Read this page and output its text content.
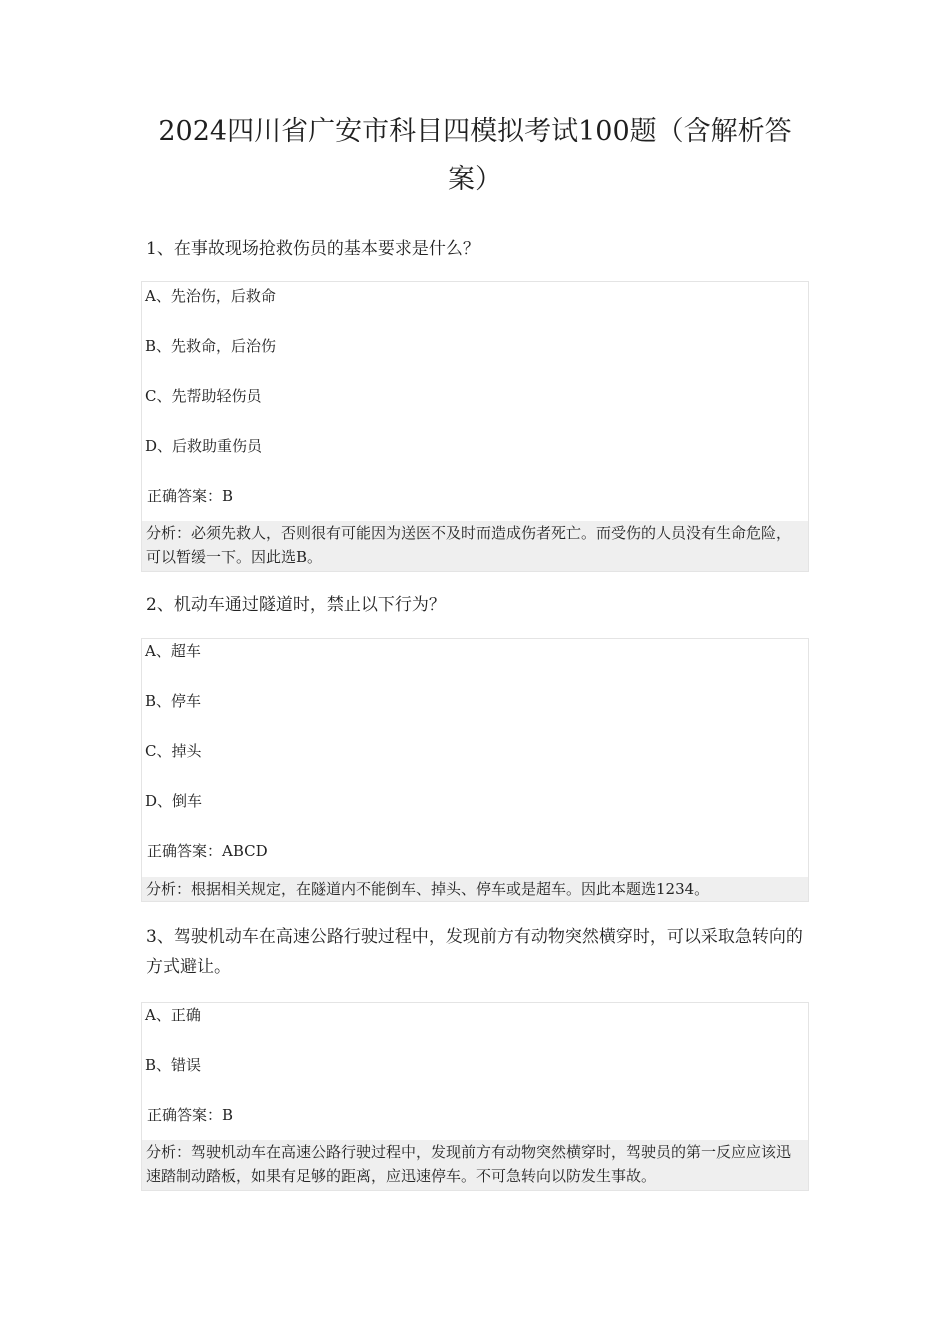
2024四川省广安市科目四模拟考试100题（含解析答案）
1、在事故现场抢救伤员的基本要求是什么？
A、先治伤，后救命
B、先救命，后治伤
C、先帮助轻伤员
D、后救助重伤员
正确答案：B
分析：必须先救人，否则很有可能因为送医不及时而造成伤者死亡。而受伤的人员没有生命危险，可以暂缓一下。因此选B。
2、机动车通过隧道时，禁止以下行为？
A、超车
B、停车
C、掉头
D、倒车
正确答案：ABCD
分析：根据相关规定，在隧道内不能倒车、掉头、停车或是超车。因此本题选1234。
3、驾驶机动车在高速公路行驶过程中，发现前方有动物突然横穿时，可以采取急转向的方式避让。
A、正确
B、错误
正确答案：B
分析：驾驶机动车在高速公路行驶过程中，发现前方有动物突然横穿时，驾驶员的第一反应应该迅速踏制动踏板，如果有足够的距离，应迅速停车。不可急转向以防发生事故。
